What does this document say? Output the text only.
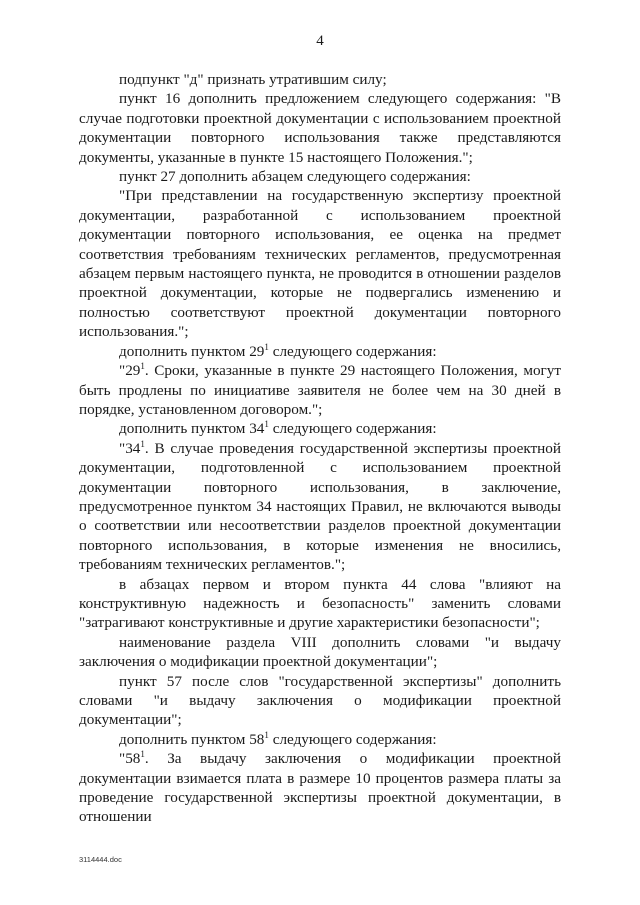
4

подпункт "д" признать утратившим силу;

пункт 16 дополнить предложением следующего содержания: "В случае подготовки проектной документации с использованием проектной документации повторного использования также представляются документы, указанные в пункте 15 настоящего Положения.";

пункт 27 дополнить абзацем следующего содержания:

"При представлении на государственную экспертизу проектной документации, разработанной с использованием проектной документации повторного использования, ее оценка на предмет соответствия требованиям технических регламентов, предусмотренная абзацем первым настоящего пункта, не проводится в отношении разделов проектной документации, которые не подвергались изменению и полностью соответствуют проектной документации повторного использования.";

дополнить пунктом $29^1$ следующего содержания:

"$29^1$. Сроки, указанные в пункте 29 настоящего Положения, могут быть продлены по инициативе заявителя не более чем на 30 дней в порядке, установленном договором.";

дополнить пунктом $34^1$ следующего содержания:

"$34^1$. В случае проведения государственной экспертизы проектной документации, подготовленной с использованием проектной документации повторного использования, в заключение, предусмотренное пунктом 34 настоящих Правил, не включаются выводы о соответствии или несоответствии разделов проектной документации повторного использования, в которые изменения не вносились, требованиям технических регламентов.";

в абзацах первом и втором пункта 44 слова "влияют на конструктивную надежность и безопасность" заменить словами "затрагивают конструктивные и другие характеристики безопасности";

наименование раздела VIII дополнить словами "и выдачу заключения о модификации проектной документации";

пункт 57 после слов "государственной экспертизы" дополнить словами "и выдачу заключения о модификации проектной документации";

дополнить пунктом $58^1$ следующего содержания:

"$58^1$. За выдачу заключения о модификации проектной документации взимается плата в размере 10 процентов размера платы за проведение государственной экспертизы проектной документации, в отношении

3114444.doc
